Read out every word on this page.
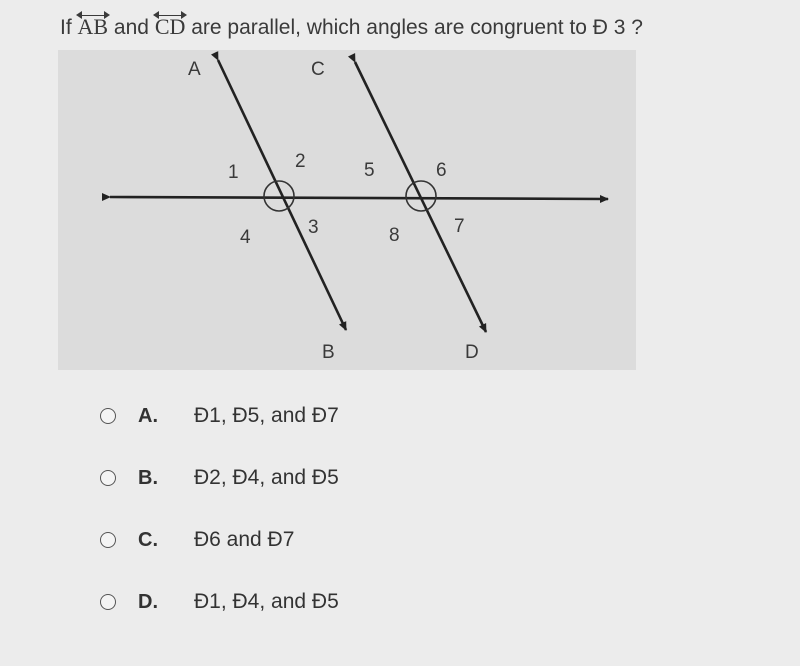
If AB and CD are parallel, which angles are congruent to Ð 3 ?
A	C
B	D
1
2
3
4
5	6
7
8
A. Ð1, Ð5, and Ð7
B. Ð2, Ð4, and Ð5
C. Ð6 and Ð7
D. Ð1, Ð4, and Ð5
